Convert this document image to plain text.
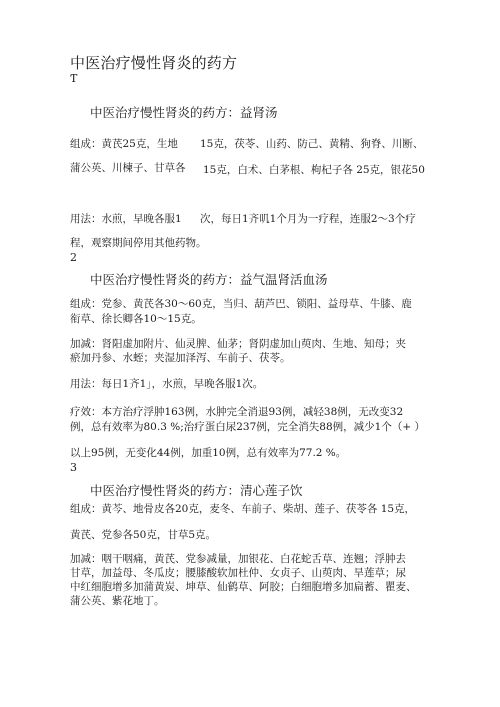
中医治疗慢性肾炎的药方
Ƭ
中医治疗慢性肾炎的药方：益肾汤
组成：黄芪25克，生地 15克，茯苓、山药、防己、黄精、狗脊、川断、
蒲公英、川楝子、甘草各 15克，白术、白茅根、枸杞子各 25克，银花50
用法：水煎，早晚各服1 次，每日1齐叽1个月为一疗程，连服2～3个疗
程，观察期间停用其他药物。
2
中医治疗慢性肾炎的药方：益气温肾活血汤
组成：党参、黄芪各30～60克，当归、葫芦巴、锁阳、益母草、牛膝、鹿
衔草、徐长卿各10～15克。
加减：肾阳虚加附片、仙灵脾、仙茅；肾阴虚加山萸肉、生地、知母；夹
瘀加丹参、水蛭；夹湿加泽泻、车前子、茯苓。
用法：每日1齐1」，水煎，早晚各服1次。
疗效：本方治疗浮肿163例，水肿完全消退93例，减轻38例，无改变32
例，总有效率为80.3 %;治疗蛋白尿237例，完全消失88例，减少1个（+ ）
以上95例，无变化44例，加重10例，总有效率为77.2 %。
3
中医治疗慢性肾炎的药方：清心莲子饮
组成：黄芩、地骨皮各20克，麦冬、车前子、柴胡、莲子、茯苓各 15克，
黄芪、党参各50克，甘草5克。
加减：咽干咽痛，黄芪、党参减量，加银花、白花蛇舌草、连翘；浮肿去
甘草，加益母、冬瓜皮；腰膝酸软加杜仲、女贞子、山萸肉、旱莲草；尿
中红细胞增多加蒲黄炭、坤草、仙鹤草、阿胶；白细胞增多加扁蓄、瞿麦、
蒲公英、紫花地丁。
